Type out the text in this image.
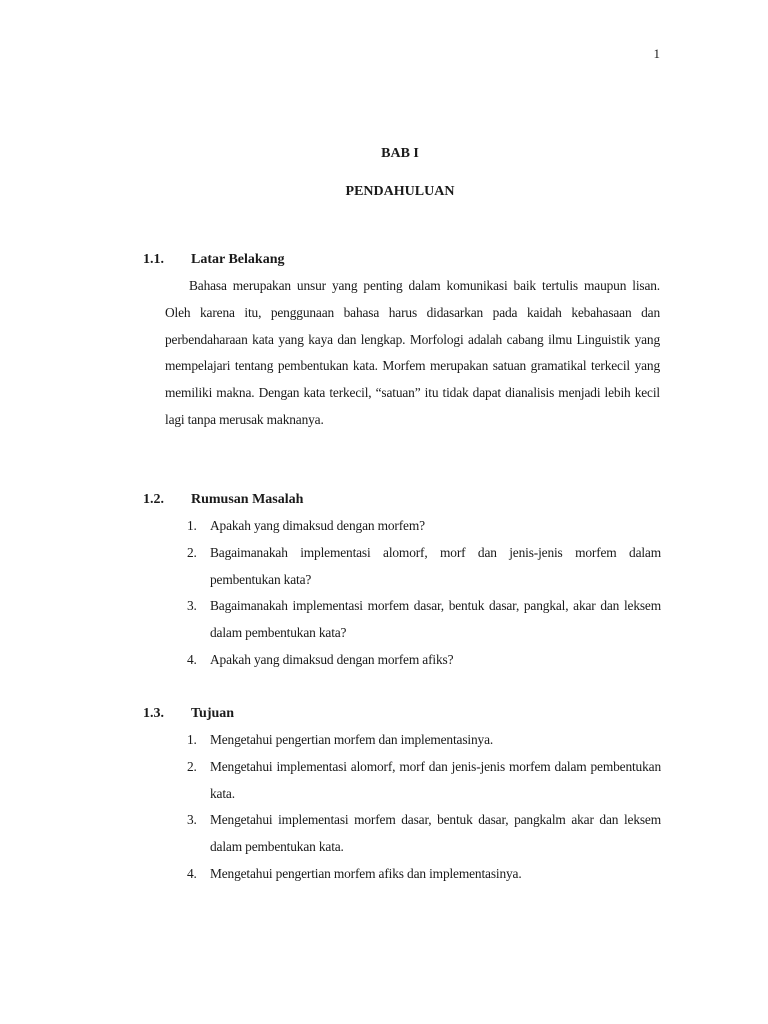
1
BAB I
PENDAHULUAN
1.1.	Latar Belakang
Bahasa merupakan unsur yang penting dalam komunikasi baik tertulis maupun lisan. Oleh karena itu, penggunaan bahasa harus didasarkan pada kaidah kebahasaan dan perbendaharaan kata yang kaya dan lengkap. Morfologi adalah cabang ilmu Linguistik yang mempelajari tentang pembentukan kata. Morfem merupakan satuan gramatikal terkecil yang memiliki makna. Dengan kata terkecil, “satuan” itu tidak dapat dianalisis menjadi lebih kecil lagi tanpa merusak maknanya.
1.2.	Rumusan Masalah
1. Apakah yang dimaksud dengan morfem?
2. Bagaimanakah implementasi alomorf, morf dan jenis-jenis morfem dalam pembentukan kata?
3. Bagaimanakah implementasi morfem dasar, bentuk dasar, pangkal, akar dan leksem dalam pembentukan kata?
4. Apakah yang dimaksud dengan morfem afiks?
1.3.	Tujuan
1. Mengetahui pengertian morfem dan implementasinya.
2. Mengetahui implementasi alomorf, morf dan jenis-jenis morfem dalam pembentukan kata.
3. Mengetahui implementasi morfem dasar, bentuk dasar, pangkalm akar dan leksem dalam pembentukan kata.
4. Mengetahui pengertian morfem afiks dan implementasinya.
